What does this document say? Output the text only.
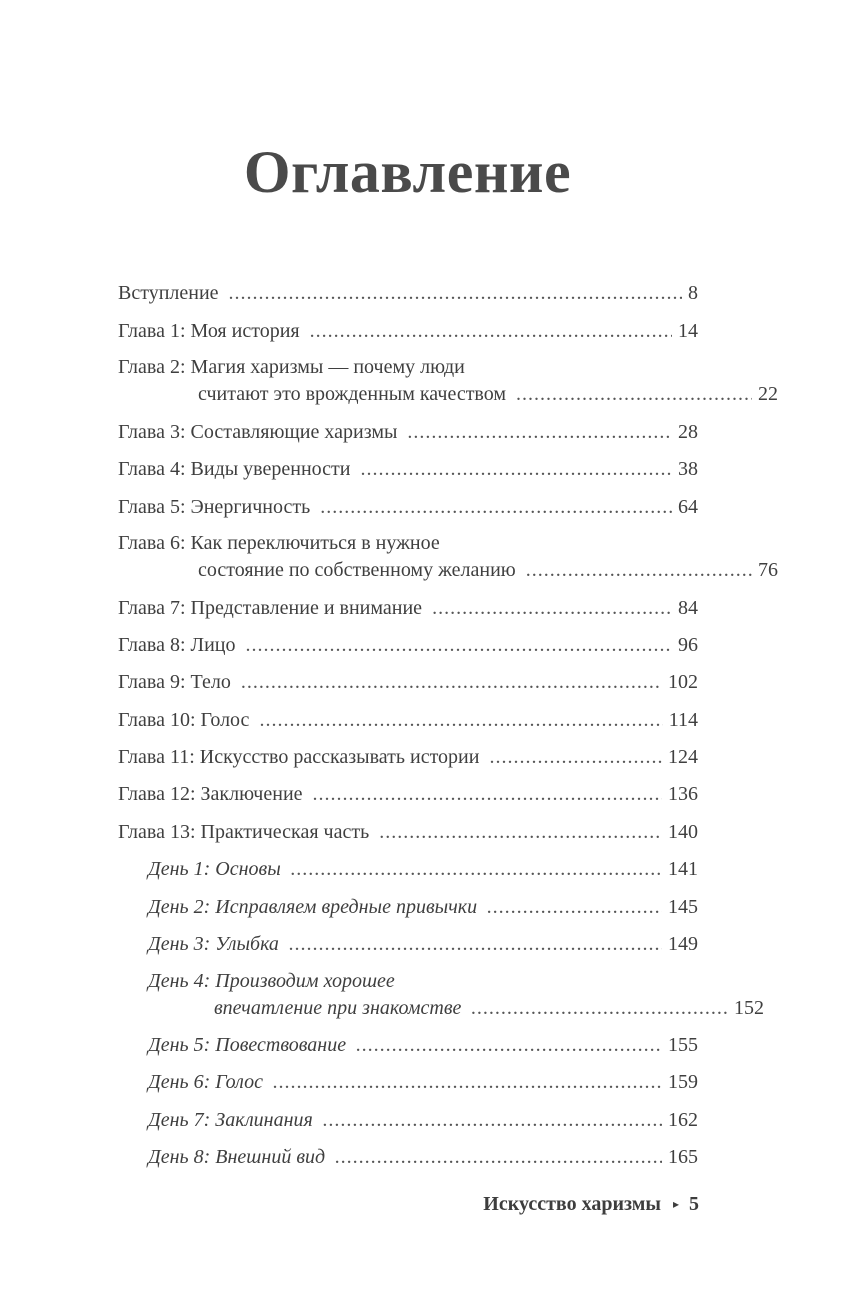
Оглавление
Вступление .....	8
Глава 1: Моя история .....	14
Глава 2: Магия харизмы — почему люди
считают это врожденным качеством .....	22
Глава 3: Составляющие харизмы .....	28
Глава 4: Виды уверенности .....	38
Глава 5: Энергичность .....	64
Глава 6: Как переключиться в нужное
состояние по собственному желанию .....	76
Глава 7: Представление и внимание .....	84
Глава 8: Лицо .....	96
Глава 9: Тело .....	102
Глава 10: Голос .....	114
Глава 11: Искусство рассказывать истории .....	124
Глава 12: Заключение .....	136
Глава 13: Практическая часть .....	140
День 1: Основы .....	141
День 2: Исправляем вредные привычки .....	145
День 3: Улыбка .....	149
День 4: Производим хорошее
впечатление при знакомстве .....	152
День 5: Повествование .....	155
День 6: Голос .....	159
День 7: Заклинания .....	162
День 8: Внешний вид .....	165
Искусство харизмы ▸ 5
